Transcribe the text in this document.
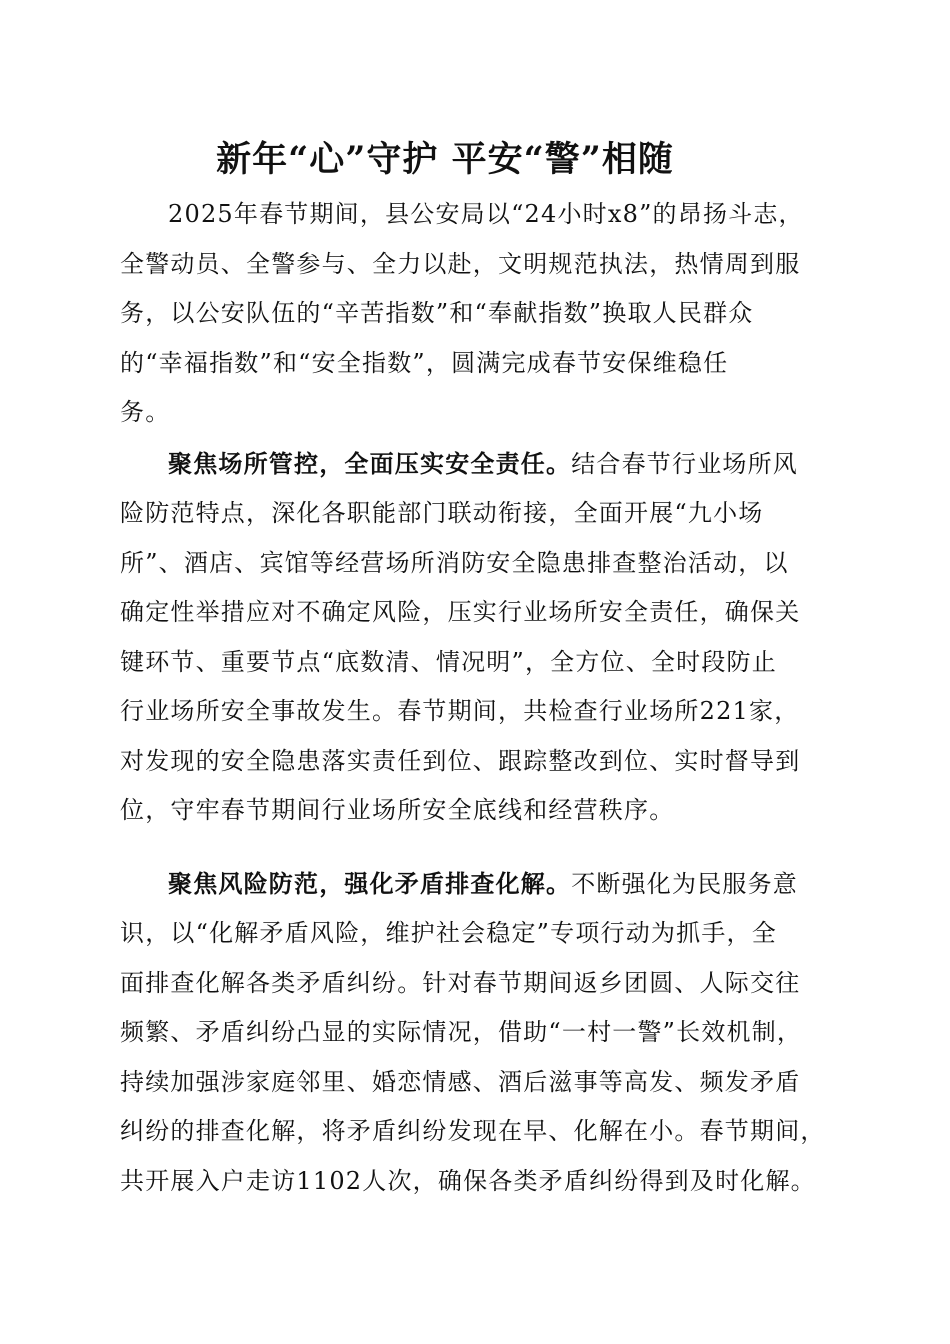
新年“心”守护 平安“警”相随

2025年春节期间，县公安局以“24小时x8”的昂扬斗志，

全警动员、全警参与、全力以赴，文明规范执法，热情周到服

务，以公安队伍的“辛苦指数”和“奉献指数”换取人民群众

的“幸福指数”和“安全指数”，圆满完成春节安保维稳任

务。

聚焦场所管控，全面压实安全责任。结合春节行业场所风

险防范特点，深化各职能部门联动衔接，全面开展“九小场

所”、酒店、宾馆等经营场所消防安全隐患排查整治活动，以

确定性举措应对不确定风险，压实行业场所安全责任，确保关

键环节、重要节点“底数清、情况明”，全方位、全时段防止

行业场所安全事故发生。春节期间，共检查行业场所221家，

对发现的安全隐患落实责任到位、跟踪整改到位、实时督导到

位，守牢春节期间行业场所安全底线和经营秩序。

聚焦风险防范，强化矛盾排查化解。不断强化为民服务意

识，以“化解矛盾风险，维护社会稳定”专项行动为抓手，全

面排查化解各类矛盾纠纷。针对春节期间返乡团圆、人际交往

频繁、矛盾纠纷凸显的实际情况，借助“一村一警”长效机制，

持续加强涉家庭邻里、婚恋情感、酒后滋事等高发、频发矛盾

纠纷的排查化解，将矛盾纠纷发现在早、化解在小。春节期间，

共开展入户走访1102人次，确保各类矛盾纠纷得到及时化解。
